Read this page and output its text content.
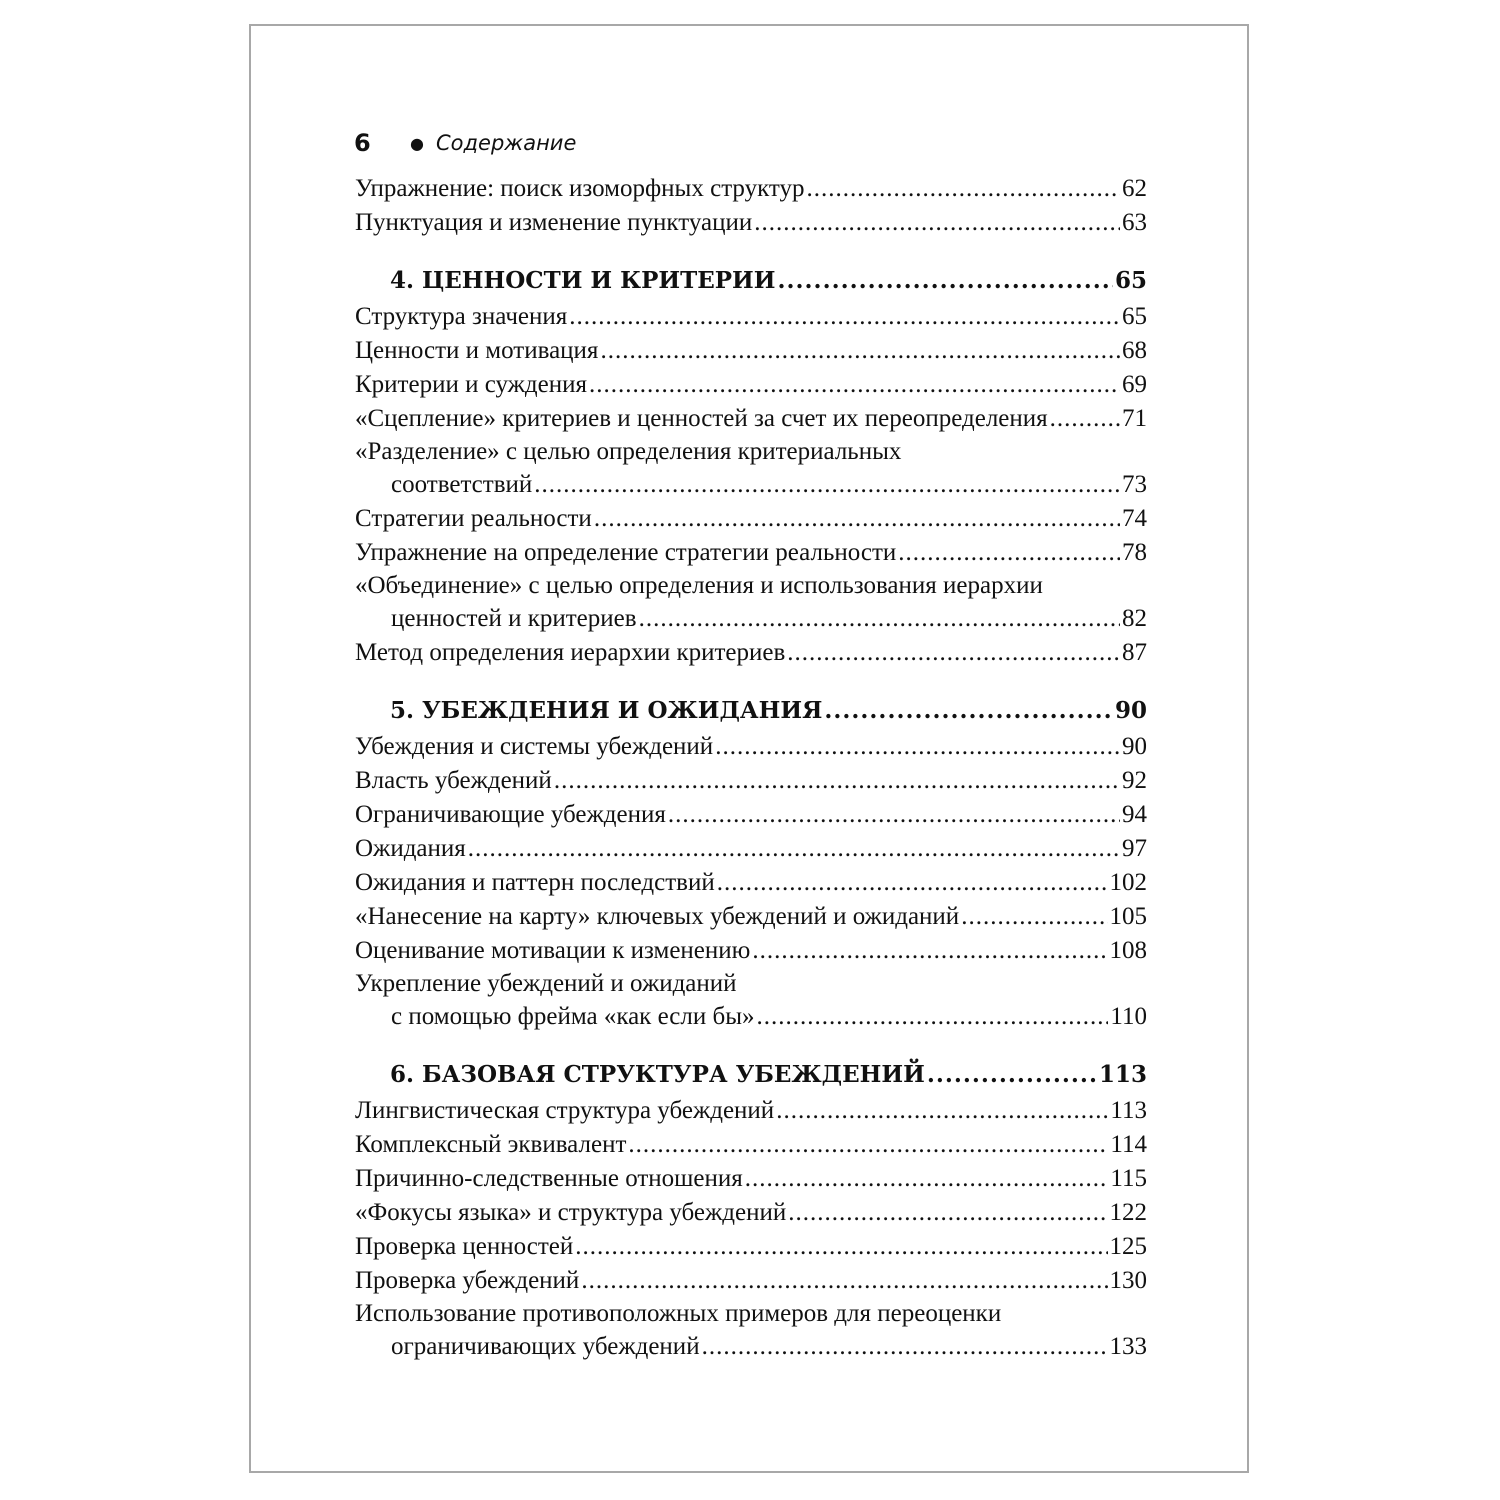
6	● Содержание
Упражнение: поиск изоморфных структур .....	62
Пунктуация и изменение пунктуации .....	63
4. ЦЕННОСТИ И КРИТЕРИИ .....	65
Структура значения .....	65
Ценности и мотивация .....	68
Критерии и суждения .....	69
«Сцепление» критериев и ценностей за счет их переопределения .....	71
«Разделение» с целью определения критериальных
соответствий .....	73
Стратегии реальности .....	74
Упражнение на определение стратегии реальности .....	78
«Объединение» с целью определения и использования иерархии
ценностей и критериев .....	82
Метод определения иерархии критериев .....	87
5. УБЕЖДЕНИЯ И ОЖИДАНИЯ .....	90
Убеждения и системы убеждений .....	90
Власть убеждений .....	92
Ограничивающие убеждения .....	94
Ожидания .....	97
Ожидания и паттерн последствий .....	102
«Нанесение на карту» ключевых убеждений и ожиданий .....	105
Оценивание мотивации к изменению .....	108
Укрепление убеждений и ожиданий
с помощью фрейма «как если бы» .....	110
6. БАЗОВАЯ СТРУКТУРА УБЕЖДЕНИЙ .....	113
Лингвистическая структура убеждений .....	113
Комплексный эквивалент .....	114
Причинно-следственные отношения .....	115
«Фокусы языка» и структура убеждений .....	122
Проверка ценностей .....	125
Проверка убеждений .....	130
Использование противоположных примеров для переоценки
ограничивающих убеждений .....	133
